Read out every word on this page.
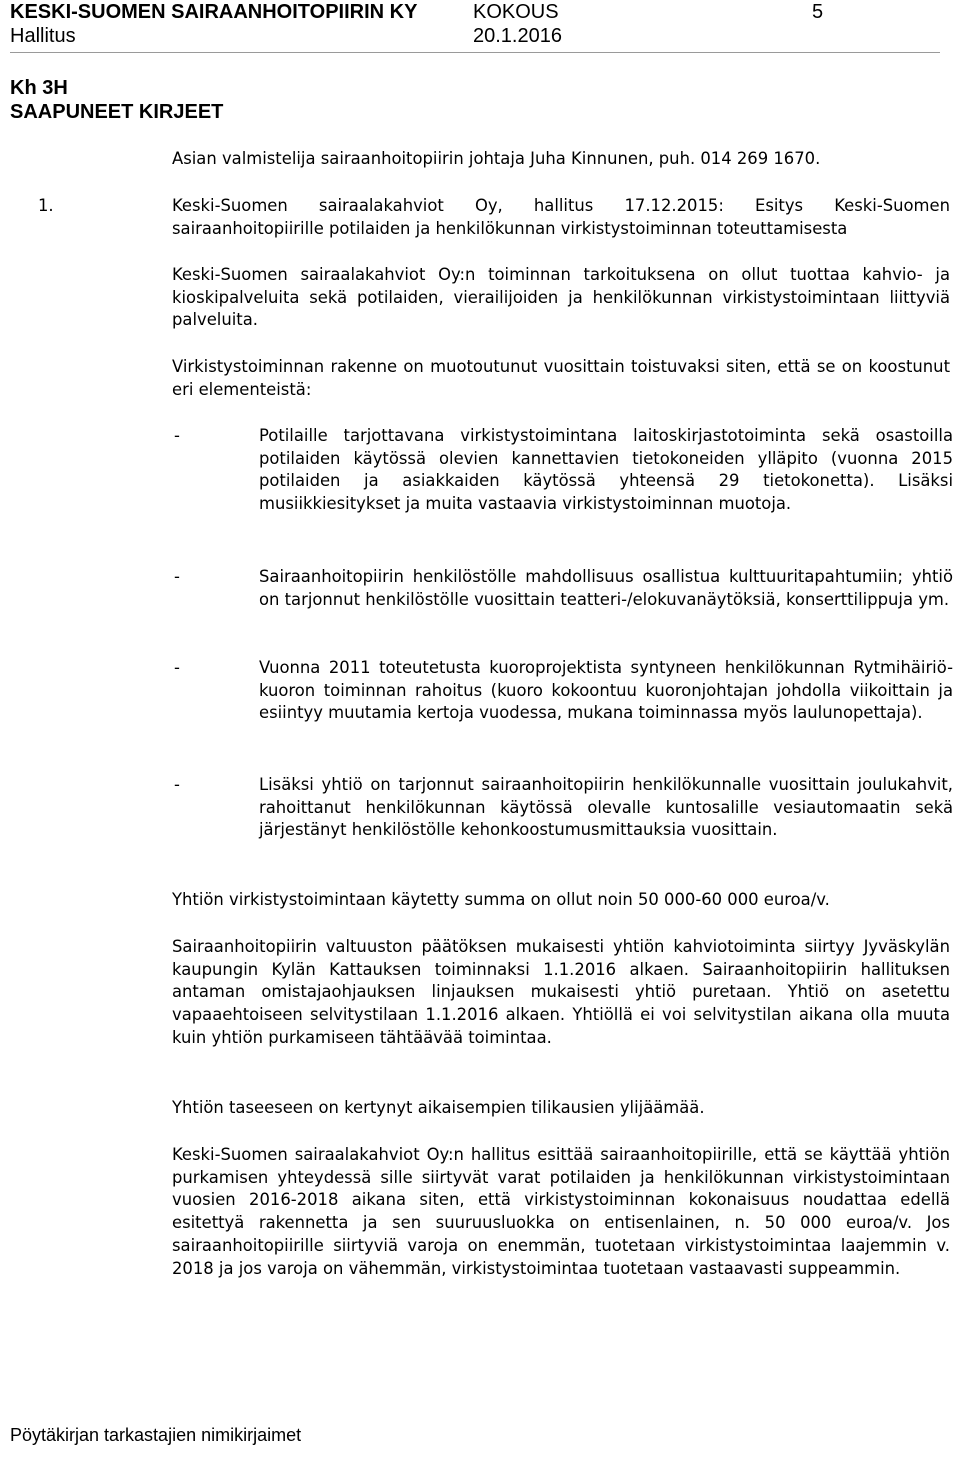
KESKI-SUOMEN SAIRAANHOITOPIIRIN KY	KOKOUS	5
Hallitus	20.1.2016
Kh 3H
SAAPUNEET KIRJEET

Asian valmistelija sairaanhoitopiirin johtaja Juha Kinnunen, puh. 014 269 1670.

1.	Keski-Suomen sairaalakahviot Oy, hallitus 17.12.2015: Esitys Keski-Suomen sairaanhoitopiirille potilaiden ja henkilökunnan virkistystoiminnan toteuttamisesta

Keski-Suomen sairaalakahviot Oy:n toiminnan tarkoituksena on ollut tuottaa kahvio- ja kioskipalveluita sekä potilaiden, vierailijoiden ja henkilökunnan virkistystoimintaan liittyviä palveluita.

Virkistystoiminnan rakenne on muotoutunut vuosittain toistuvaksi siten, että se on koostunut eri elementeistä:

-	Potilaille tarjottavana virkistystoimintana laitoskirjastotoiminta sekä osastoilla potilaiden käytössä olevien kannettavien tietokoneiden ylläpito (vuonna 2015 potilaiden ja asiakkaiden käytössä yhteensä 29 tietokonetta). Lisäksi musiikkiesitykset ja muita vastaavia virkistystoiminnan muotoja.

-	Sairaanhoitopiirin henkilöstölle mahdollisuus osallistua kulttuuritapahtumiin; yhtiö on tarjonnut henkilöstölle vuosittain teatteri-/elokuvanäytöksiä, konserttilippuja ym.

-	Vuonna 2011 toteutetusta kuoroprojektista syntyneen henkilökunnan Rytmihäiriö-kuoron toiminnan rahoitus (kuoro kokoontuu kuoronjohtajan johdolla viikoittain ja esiintyy muutamia kertoja vuodessa, mukana toiminnassa myös laulunopettaja).

-	Lisäksi yhtiö on tarjonnut sairaanhoitopiirin henkilökunnalle vuosittain joulukahvit, rahoittanut henkilökunnan käytössä olevalle kuntosalille vesiautomaatin sekä järjestänyt henkilöstölle kehonkoostumusmittauksia vuosittain.

Yhtiön virkistystoimintaan käytetty summa on ollut noin 50 000-60 000 euroa/v.

Sairaanhoitopiirin valtuuston päätöksen mukaisesti yhtiön kahviotoiminta siirtyy Jyväskylän kaupungin Kylän Kattauksen toiminnaksi 1.1.2016 alkaen. Sairaanhoitopiirin hallituksen antaman omistajaohjauksen linjauksen mukaisesti yhtiö puretaan. Yhtiö on asetettu vapaaehtoiseen selvitystilaan 1.1.2016 alkaen. Yhtiöllä ei voi selvitystilan aikana olla muuta kuin yhtiön purkamiseen tähtäävää toimintaa.

Yhtiön taseeseen on kertynyt aikaisempien tilikausien ylijäämää.

Keski-Suomen sairaalakahviot Oy:n hallitus esittää sairaanhoitopiirille, että se käyttää yhtiön purkamisen yhteydessä sille siirtyvät varat potilaiden ja henkilökunnan virkistystoimintaan vuosien 2016-2018 aikana siten, että virkistystoiminnan kokonaisuus noudattaa edellä esitettyä rakennetta ja sen suuruusluokka on entisenlainen, n. 50 000 euroa/v. Jos sairaanhoitopiirille siirtyviä varoja on enemmän, tuotetaan virkistystoimintaa laajemmin v. 2018 ja jos varoja on vähemmän, virkistystoimintaa tuotetaan vastaavasti suppeammin.

Pöytäkirjan tarkastajien nimikirjaimet
